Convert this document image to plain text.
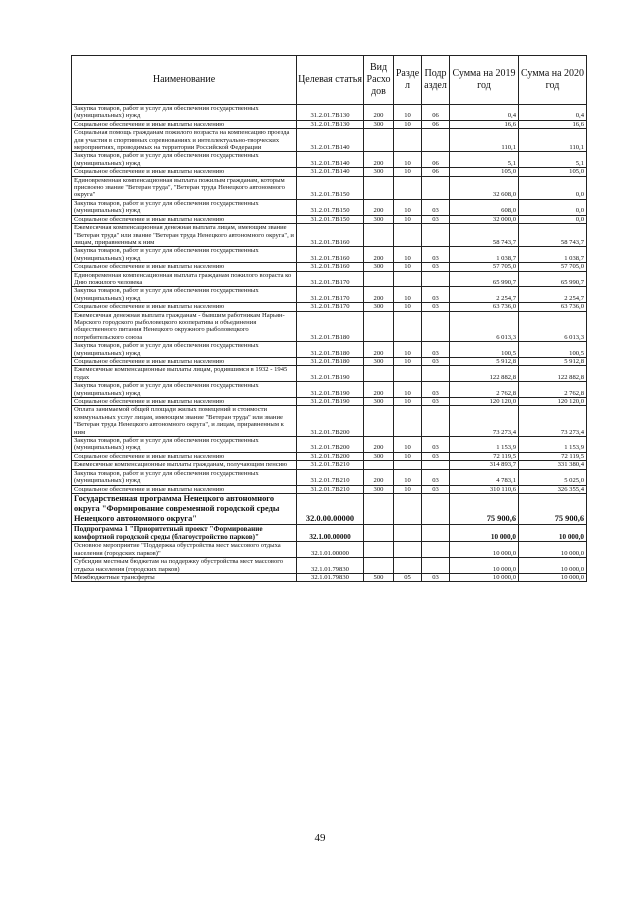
Наименование	Целевая статья	Вид Расхо дов	Разде л	Подр аздел	Сумма на 2019 год	Сумма на 2020 год
Закупка товаров, работ и услуг для обеспечения государственных (муниципальных) нужд	31.2.01.7В130	200	10	06	0,4	0,4
Социальное обеспечение и иные выплаты населению	31.2.01.7В130	300	10	06	16,6	16,6
Социальная помощь гражданам пожилого возраста на компенсацию проезда для участия в спортивных соревнованиях и интеллектуально-творческих мероприятиях, проводимых на территории Российской Федерации	31.2.01.7В140				110,1	110,1
Закупка товаров, работ и услуг для обеспечения государственных (муниципальных) нужд	31.2.01.7В140	200	10	06	5,1	5,1
Социальное обеспечение и иные выплаты населению	31.2.01.7В140	300	10	06	105,0	105,0
Единовременная компенсационная выплата пожилым гражданам, которым присвоено звание "Ветеран труда", "Ветеран труда Ненецкого автономного округа"	31.2.01.7В150				32 608,0	0,0
Закупка товаров, работ и услуг для обеспечения государственных (муниципальных) нужд	31.2.01.7В150	200	10	03	608,0	0,0
Социальное обеспечение и иные выплаты населению	31.2.01.7В150	300	10	03	32 000,0	0,0
Ежемесячная компенсационная денежная выплата лицам, имеющим звание "Ветеран труда" или звание "Ветеран труда Ненецкого автономного округа", и лицам, приравненным к ним	31.2.01.7В160				58 743,7	58 743,7
Закупка товаров, работ и услуг для обеспечения государственных (муниципальных) нужд	31.2.01.7В160	200	10	03	1 038,7	1 038,7
Социальное обеспечение и иные выплаты населению	31.2.01.7В160	300	10	03	57 705,0	57 705,0
Единовременная компенсационная выплата гражданам пожилого возраста ко Дню пожилого человека	31.2.01.7В170				65 990,7	65 990,7
Закупка товаров, работ и услуг для обеспечения государственных (муниципальных) нужд	31.2.01.7В170	200	10	03	2 254,7	2 254,7
Социальное обеспечение и иные выплаты населению	31.2.01.7В170	300	10	03	63 736,0	63 736,0
Ежемесячная денежная выплата гражданам - бывшим работникам Нарьян-Марского городского рыболовецкого кооператива и объединения общественного питания Ненецкого окружного рыболовецкого потребительского союза	31.2.01.7В180				6 013,3	6 013,3
Закупка товаров, работ и услуг для обеспечения государственных (муниципальных) нужд	31.2.01.7В180	200	10	03	100,5	100,5
Социальное обеспечение и иные выплаты населению	31.2.01.7В180	300	10	03	5 912,8	5 912,8
Ежемесячные компенсационные выплаты лицам, родившимся в 1932 - 1945 годах	31.2.01.7В190				122 882,8	122 882,8
Закупка товаров, работ и услуг для обеспечения государственных (муниципальных) нужд	31.2.01.7В190	200	10	03	2 762,8	2 762,8
Социальное обеспечение и иные выплаты населению	31.2.01.7В190	300	10	03	120 120,0	120 120,0
Оплата занимаемой общей площади жилых помещений и стоимости коммунальных услуг лицам, имеющим звание "Ветеран труда" или звание "Ветеран труда Ненецкого автономного округа", и лицам, приравненным к ним	31.2.01.7В200				73 273,4	73 273,4
Закупка товаров, работ и услуг для обеспечения государственных (муниципальных) нужд	31.2.01.7В200	200	10	03	1 153,9	1 153,9
Социальное обеспечение и иные выплаты населению	31.2.01.7В200	300	10	03	72 119,5	72 119,5
Ежемесячные компенсационные выплаты гражданам, получающим пенсию	31.2.01.7В210				314 893,7	331 380,4
Закупка товаров, работ и услуг для обеспечения государственных (муниципальных) нужд	31.2.01.7В210	200	10	03	4 783,1	5 025,0
Социальное обеспечение и иные выплаты населению	31.2.01.7В210	300	10	03	310 110,6	326 355,4
Государственная программа Ненецкого автономного округа "Формирование современной городской среды Ненецкого автономного округа"	32.0.00.00000				75 900,6	75 900,6
Подпрограмма 1 "Приоритетный проект "Формирование комфортной городской среды (благоустройство парков)"	32.1.00.00000				10 000,0	10 000,0
Основное мероприятие "Поддержка обустройства мест массового отдыха населения (городских парков)"	32.1.01.00000				10 000,0	10 000,0
Субсидии местным бюджетам на поддержку обустройства мест массового отдыха населения (городских парков)	32.1.01.79830				10 000,0	10 000,0
Межбюджетные трансферты	32.1.01.79830	500	05	03	10 000,0	10 000,0
49
